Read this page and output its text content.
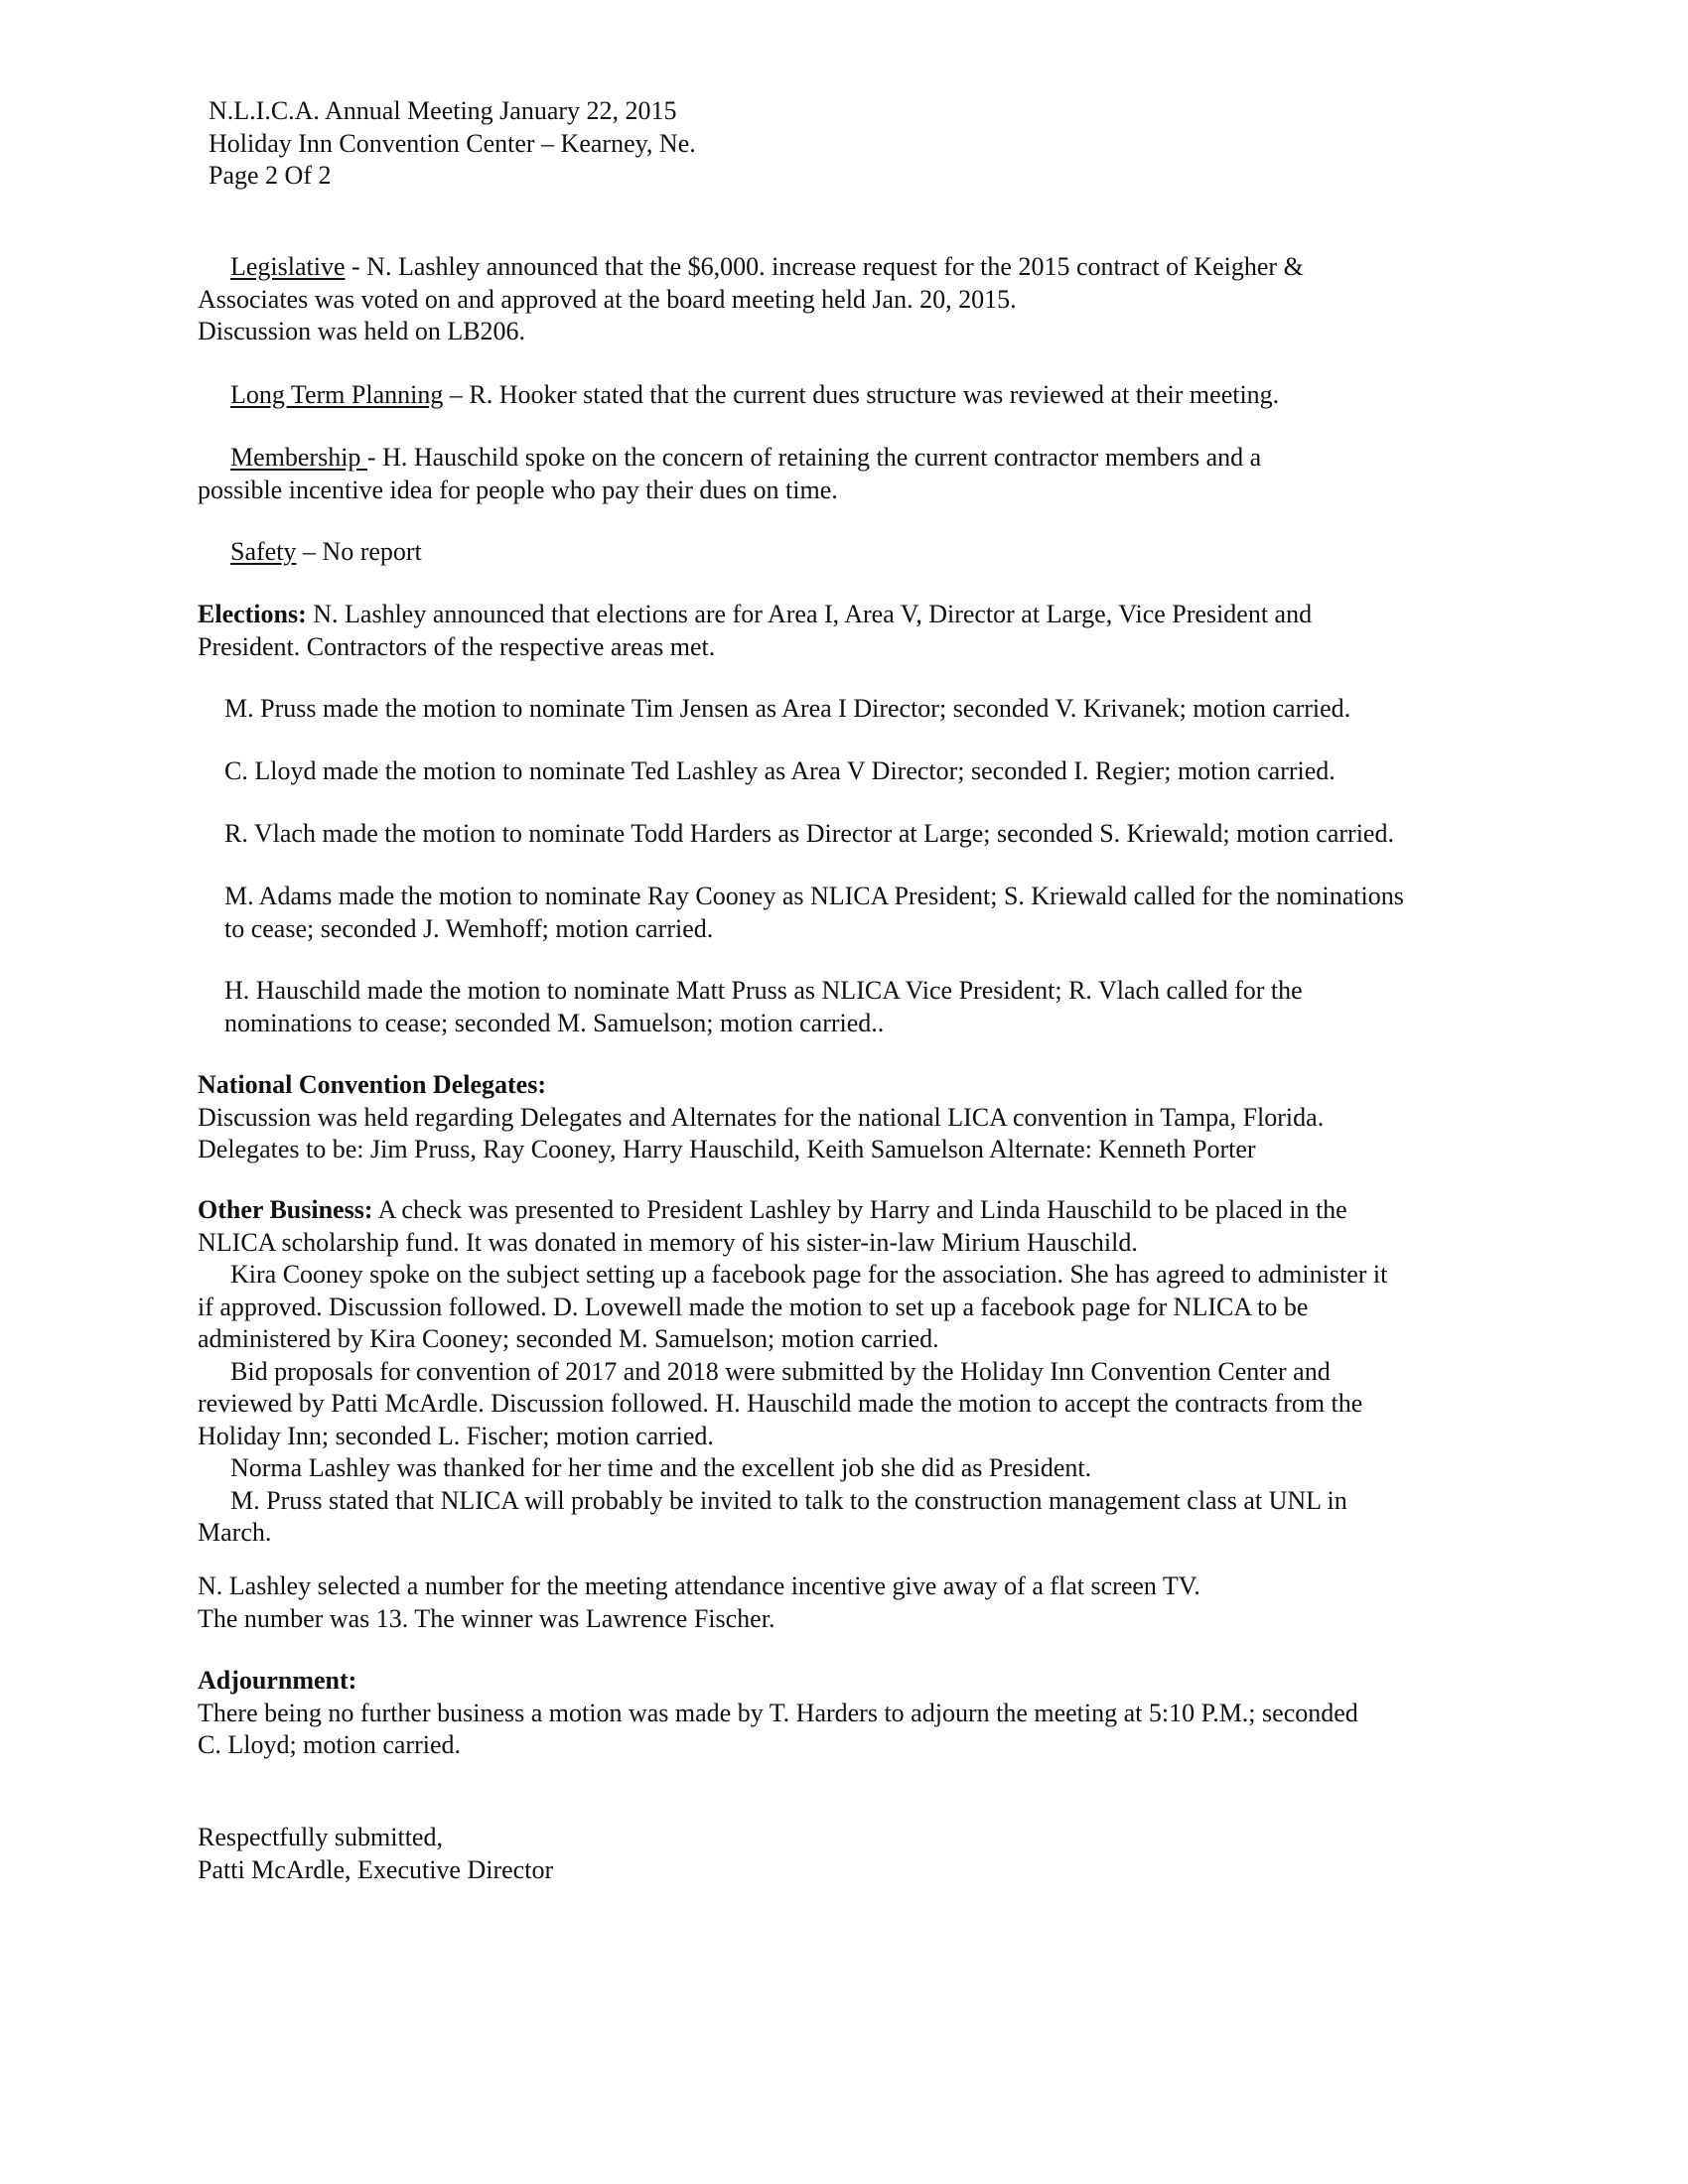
N.L.I.C.A. Annual Meeting January 22, 2015
Holiday Inn Convention Center – Kearney, Ne.
Page 2 Of 2
Legislative - N. Lashley announced that the $6,000. increase request for the 2015 contract of Keigher &
Associates was voted on and approved at the board meeting held Jan. 20, 2015.
Discussion was held on LB206.
Long Term Planning – R. Hooker stated that the current dues structure was reviewed at their meeting.
Membership - H. Hauschild spoke on the concern of retaining the current contractor members and a
possible incentive idea for people who pay their dues on time.
Safety – No report
Elections: N. Lashley announced that elections are for Area I, Area V, Director at Large, Vice President and
President. Contractors of the respective areas met.
M. Pruss made the motion to nominate Tim Jensen as Area I Director; seconded V. Krivanek; motion carried.
C. Lloyd made the motion to nominate Ted Lashley as Area V Director; seconded I. Regier; motion carried.
R. Vlach made the motion to nominate Todd Harders as Director at Large; seconded S. Kriewald; motion carried.
M. Adams made the motion to nominate Ray Cooney as NLICA President; S. Kriewald called for the nominations
to cease; seconded J. Wemhoff; motion carried.
H. Hauschild made the motion to nominate Matt Pruss as NLICA Vice President; R. Vlach called for the
nominations to cease; seconded M. Samuelson; motion carried..
National Convention Delegates:
Discussion was held regarding Delegates and Alternates for the national LICA convention in Tampa, Florida.
Delegates to be: Jim Pruss, Ray Cooney, Harry Hauschild, Keith Samuelson Alternate: Kenneth Porter
Other Business: A check was presented to President Lashley by Harry and Linda Hauschild to be placed in the
NLICA scholarship fund. It was donated in memory of his sister-in-law Mirium Hauschild.
Kira Cooney spoke on the subject setting up a facebook page for the association. She has agreed to administer it
if approved. Discussion followed. D. Lovewell made the motion to set up a facebook page for NLICA to be
administered by Kira Cooney; seconded M. Samuelson; motion carried.
Bid proposals for convention of 2017 and 2018 were submitted by the Holiday Inn Convention Center and
reviewed by Patti McArdle. Discussion followed. H. Hauschild made the motion to accept the contracts from the
Holiday Inn; seconded L. Fischer; motion carried.
Norma Lashley was thanked for her time and the excellent job she did as President.
M. Pruss stated that NLICA will probably be invited to talk to the construction management class at UNL in
March.
N. Lashley selected a number for the meeting attendance incentive give away of a flat screen TV.
The number was 13. The winner was Lawrence Fischer.
Adjournment:
There being no further business a motion was made by T. Harders to adjourn the meeting at 5:10 P.M.; seconded
C. Lloyd; motion carried.
Respectfully submitted,
Patti McArdle, Executive Director
